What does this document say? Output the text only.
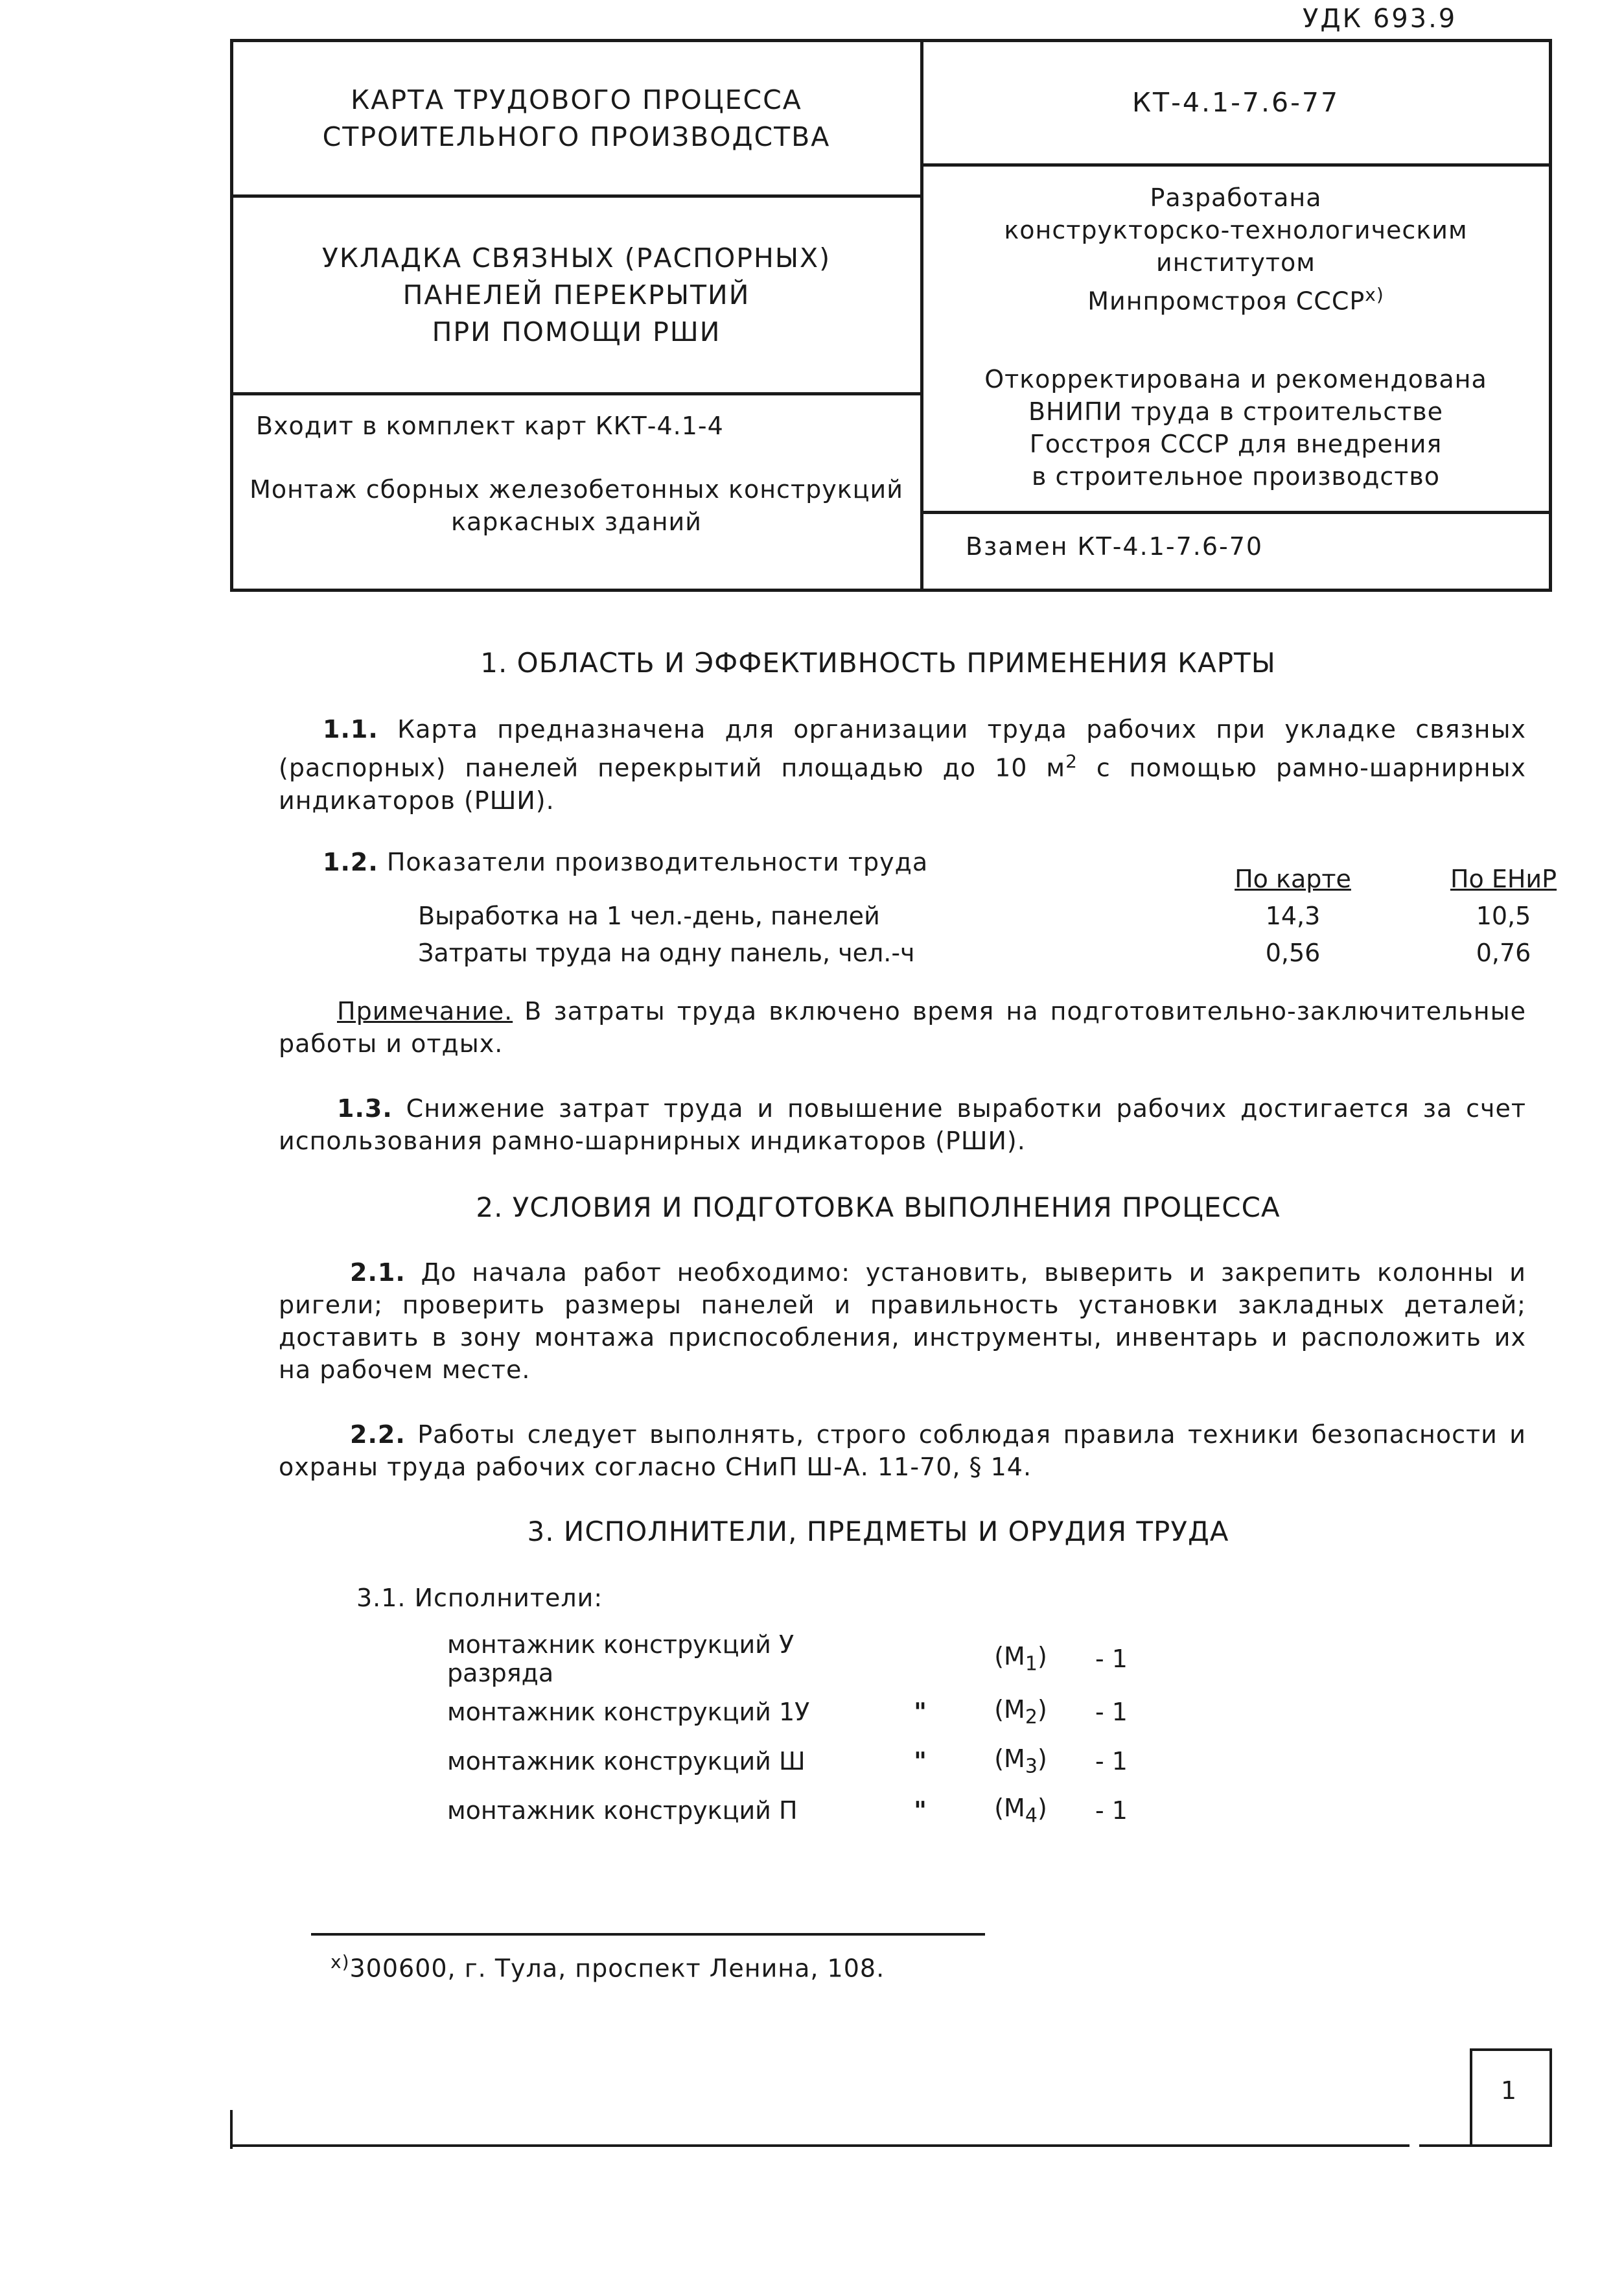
УДК 693.9
КАРТА ТРУДОВОГО ПРОЦЕССА
СТРОИТЕЛЬНОГО ПРОИЗВОДСТВА
КТ-4.1-7.6-77
УКЛАДКА СВЯЗНЫХ (РАСПОРНЫХ)
ПАНЕЛЕЙ ПЕРЕКРЫТИЙ
ПРИ ПОМОЩИ РШИ
Разработана
конструкторско-технологическим
институтом
Минпромстроя СССР$^{x)}$
Откорректирована и рекомендована
ВНИПИ труда в строительстве
Госстроя СССР для внедрения
в строительное производство
Входит в комплект карт ККТ-4.1-4
Монтаж сборных железобетонных конструкций
каркасных зданий
Взамен КТ-4.1-7.6-70
1. ОБЛАСТЬ И ЭФФЕКТИВНОСТЬ ПРИМЕНЕНИЯ КАРТЫ
1.1. Карта предназначена для организации труда рабочих при укладке связных (распорных) панелей перекрытий площадью до 10 $м^2$ с помощью рамно-шарнирных индикаторов (РШИ).
1.2. Показатели производительности труда
	По карте	По ЕНиР
Выработка на 1 чел.-день, панелей	14,3	10,5
Затраты труда на одну панель, чел.-ч	0,56	0,76
Примечание. В затраты труда включено время на подготовительно-заключительные работы и отдых.
1.3. Снижение затрат труда и повышение выработки рабочих достигается за счет использования рамно-шарнирных индикаторов (РШИ).
2. УСЛОВИЯ И ПОДГОТОВКА ВЫПОЛНЕНИЯ ПРОЦЕССА
2.1. До начала работ необходимо: установить, выверить и закрепить колонны и ригели; проверить размеры панелей и правильность установки закладных деталей; доставить в зону монтажа приспособления, инструменты, инвентарь и расположить их на рабочем месте.
2.2. Работы следует выполнять, строго соблюдая правила техники безопасности и охраны труда рабочих согласно СНиП Ш-А. 11-70, § 14.
3. ИСПОЛНИТЕЛИ, ПРЕДМЕТЫ И ОРУДИЯ ТРУДА
3.1. Исполнители:
монтажник конструкций У разряда		$(М_1)$	- 1
монтажник конструкций 1У	"	$(М_2)$	- 1
монтажник конструкций Ш	"	$(М_3)$	- 1
монтажник конструкций П	"	$(М_4)$	- 1
$^{x)}$300600, г. Тула, проспект Ленина, 108.
1
